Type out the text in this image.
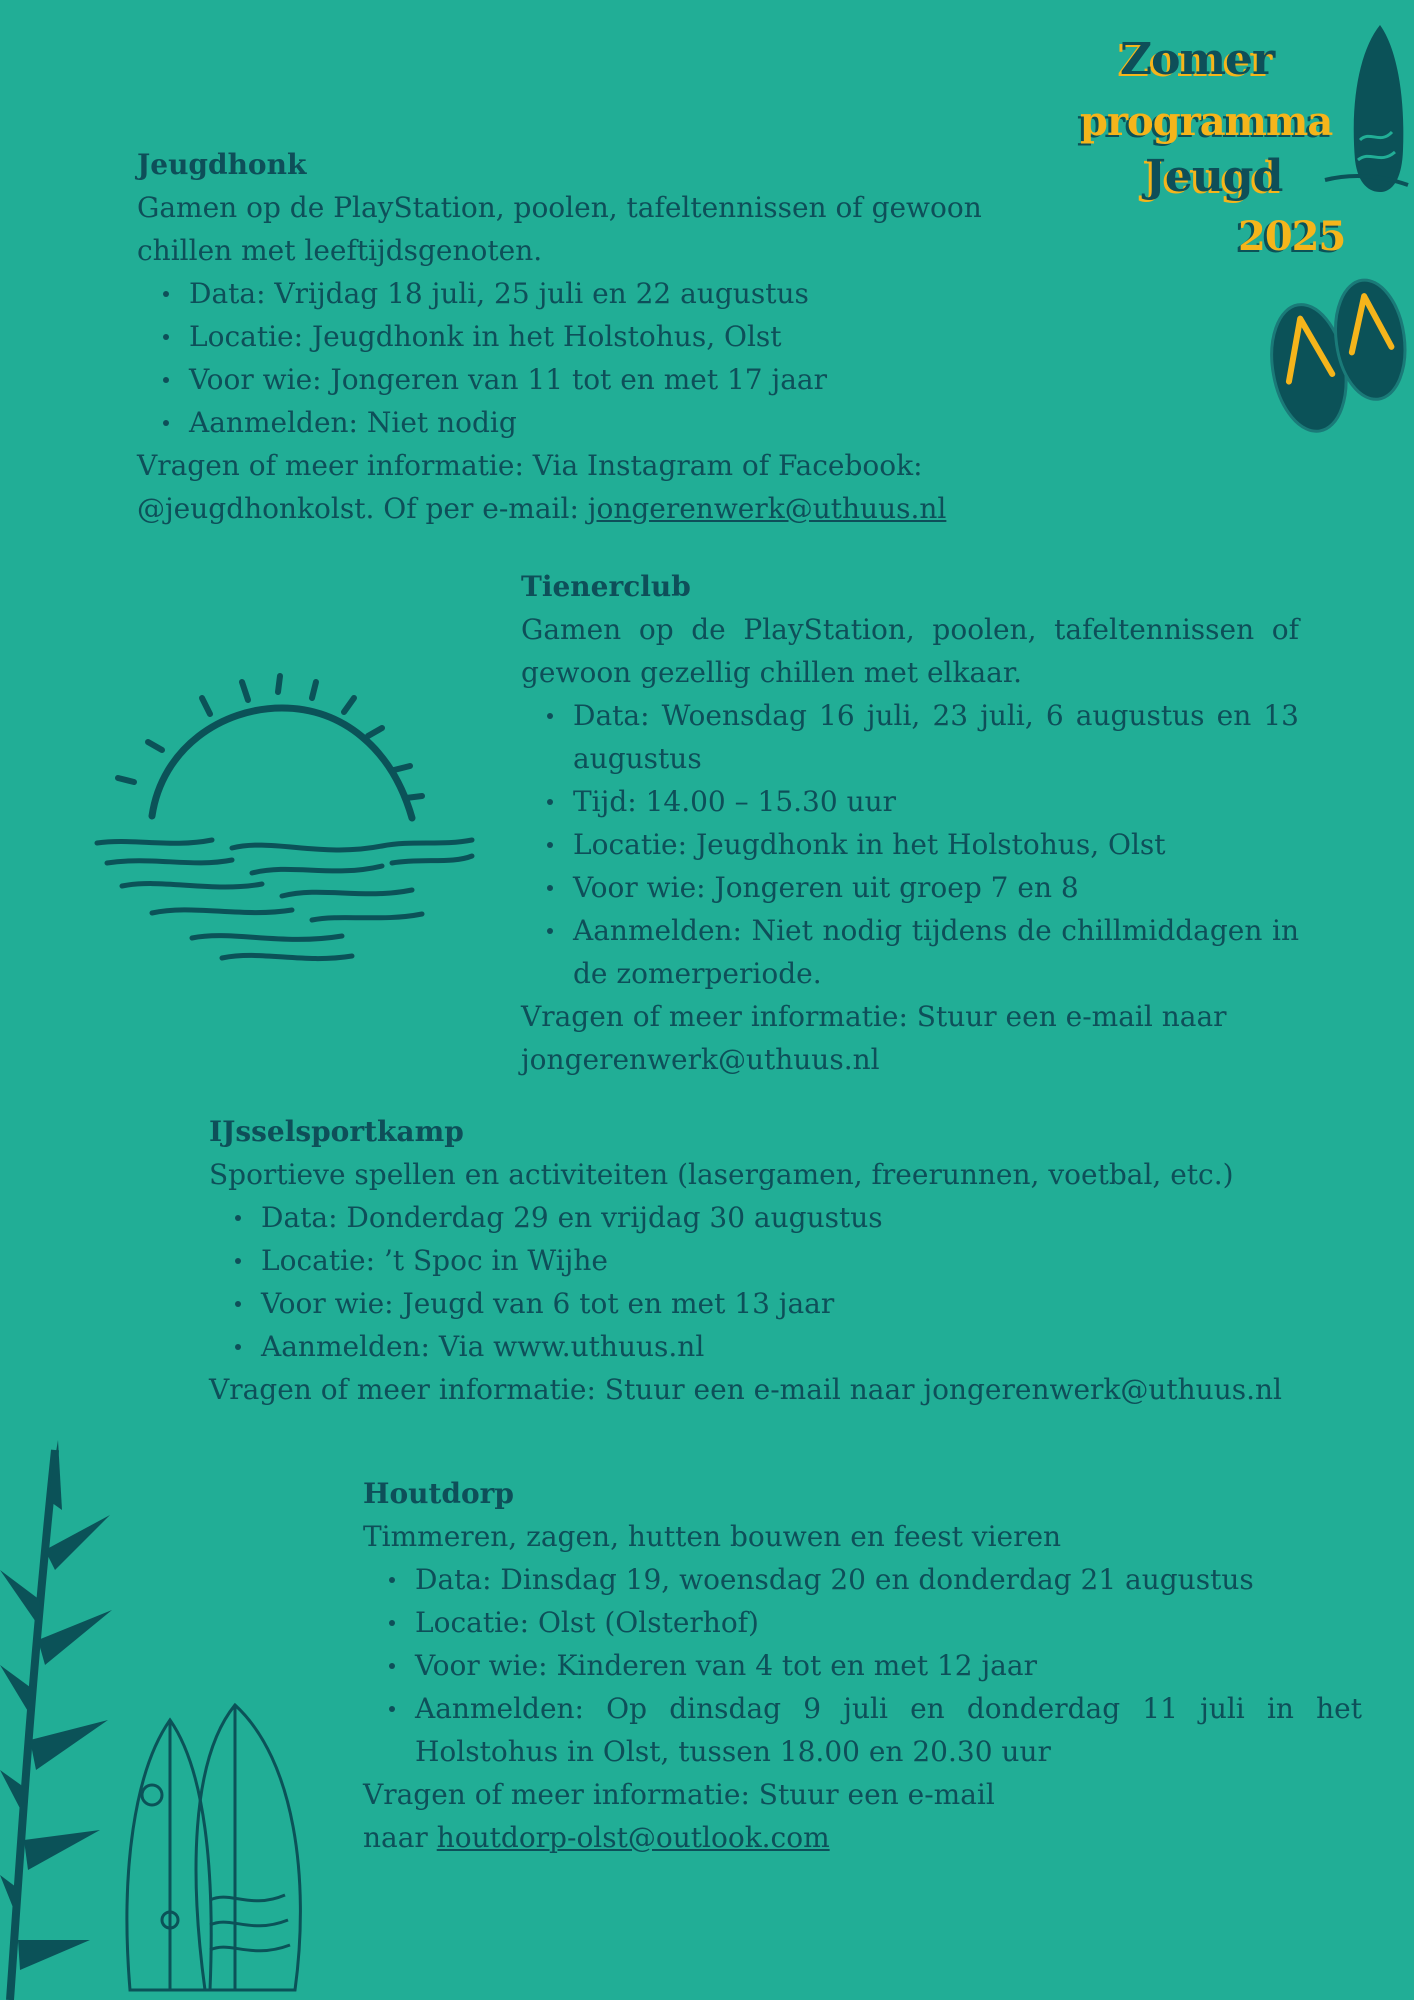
Zomer
programma
Jeugd
2025
Jeugdhonk

Gamen op de PlayStation, poolen, tafeltennissen of gewoon chillen met leeftijdsgenoten.

Data: Vrijdag 18 juli, 25 juli en 22 augustus
Locatie: Jeugdhonk in het Holstohus, Olst
Voor wie: Jongeren van 11 tot en met 17 jaar
Aanmelden: Niet nodig

Vragen of meer informatie: Via Instagram of Facebook: @jeugdhonkolst. Of per e-mail: jongerenwerk@uthuus.nl

Tienerclub

Gamen op de PlayStation, poolen, tafeltennissen of gewoon gezellig chillen met elkaar.

Data: Woensdag 16 juli, 23 juli, 6 augustus en 13 augustus
Tijd: 14.00 – 15.30 uur
Locatie: Jeugdhonk in het Holstohus, Olst
Voor wie: Jongeren uit groep 7 en 8
Aanmelden: Niet nodig tijdens de chillmiddagen in de zomerperiode.

Vragen of meer informatie: Stuur een e-mail naar jongerenwerk@uthuus.nl

IJsselsportkamp

Sportieve spellen en activiteiten (lasergamen, freerunnen, voetbal, etc.)

Data: Donderdag 29 en vrijdag 30 augustus
Locatie: ’t Spoc in Wijhe
Voor wie: Jeugd van 6 tot en met 13 jaar
Aanmelden: Via www.uthuus.nl

Vragen of meer informatie: Stuur een e-mail naar jongerenwerk@uthuus.nl

Houtdorp

Timmeren, zagen, hutten bouwen en feest vieren

Data: Dinsdag 19, woensdag 20 en donderdag 21 augustus
Locatie: Olst (Olsterhof)
Voor wie: Kinderen van 4 tot en met 12 jaar
Aanmelden: Op dinsdag 9 juli en donderdag 11 juli in het Holstohus in Olst, tussen 18.00 en 20.30 uur

Vragen of meer informatie: Stuur een e-mail
naar houtdorp-olst@outlook.com
